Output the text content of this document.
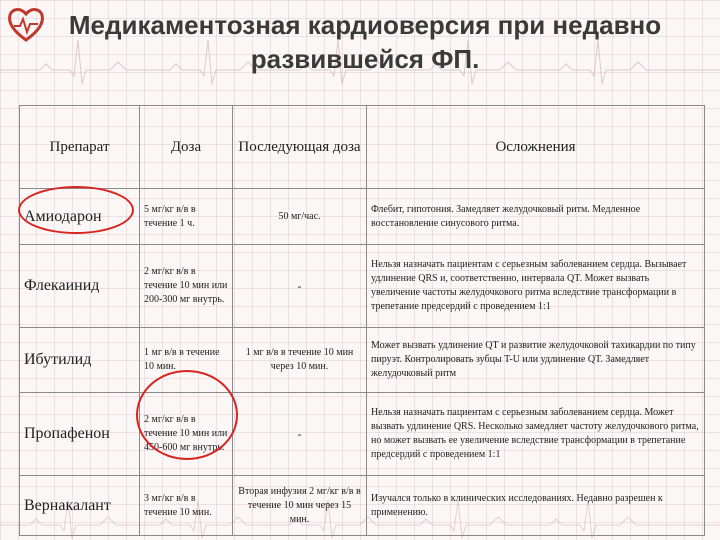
Медикаментозная кардиоверсия при недавно развившейся ФП.
Препарат	Доза	Последующая доза	Осложнения
Амиодарон	5 мг/кг в/в в течение 1 ч.	50 мг/час.	Флебит, гипотония. Замедляет желудочковый ритм. Медленное восстановление синусового ритма.
Флекаинид	2 мг/кг в/в в течение 10 мин или 200-300 мг внутрь.	-	Нельзя назначать пациентам с серьезным заболеванием сердца. Вызывает удлинение QRS и, соответственно, интервала QT. Может вызвать увеличение частоты желудочкового ритма вследствие трансформации в трепетание предсердий с проведением 1:1
Ибутилид	1 мг в/в в течение 10 мин.	1 мг в/в в течение 10 мин через 10 мин.	Может вызвать удлинение QT и развитие желудочковой тахикардии по типу пируэт. Контролировать зубцы T-U или удлинение QT. Замедляет желудочковый ритм
Пропафенон	2 мг/кг в/в в течение 10 мин или 450-600 мг внутрь.	-	Нельзя назначать пациентам с серьезным заболеванием сердца. Может вызвать удлинение QRS. Несколько замедляет частоту желудочкового ритма, но может вызвать ее увеличение вследствие трансформации в трепетание предсердий с проведением 1:1
Вернакалант	3 мг/кг в/в в течение 10 мин.	Вторая инфузия 2 мг/кг в/в в течение 10 мин через 15 мин.	Изучался только в клинических исследованиях. Недавно разрешен к применению.
